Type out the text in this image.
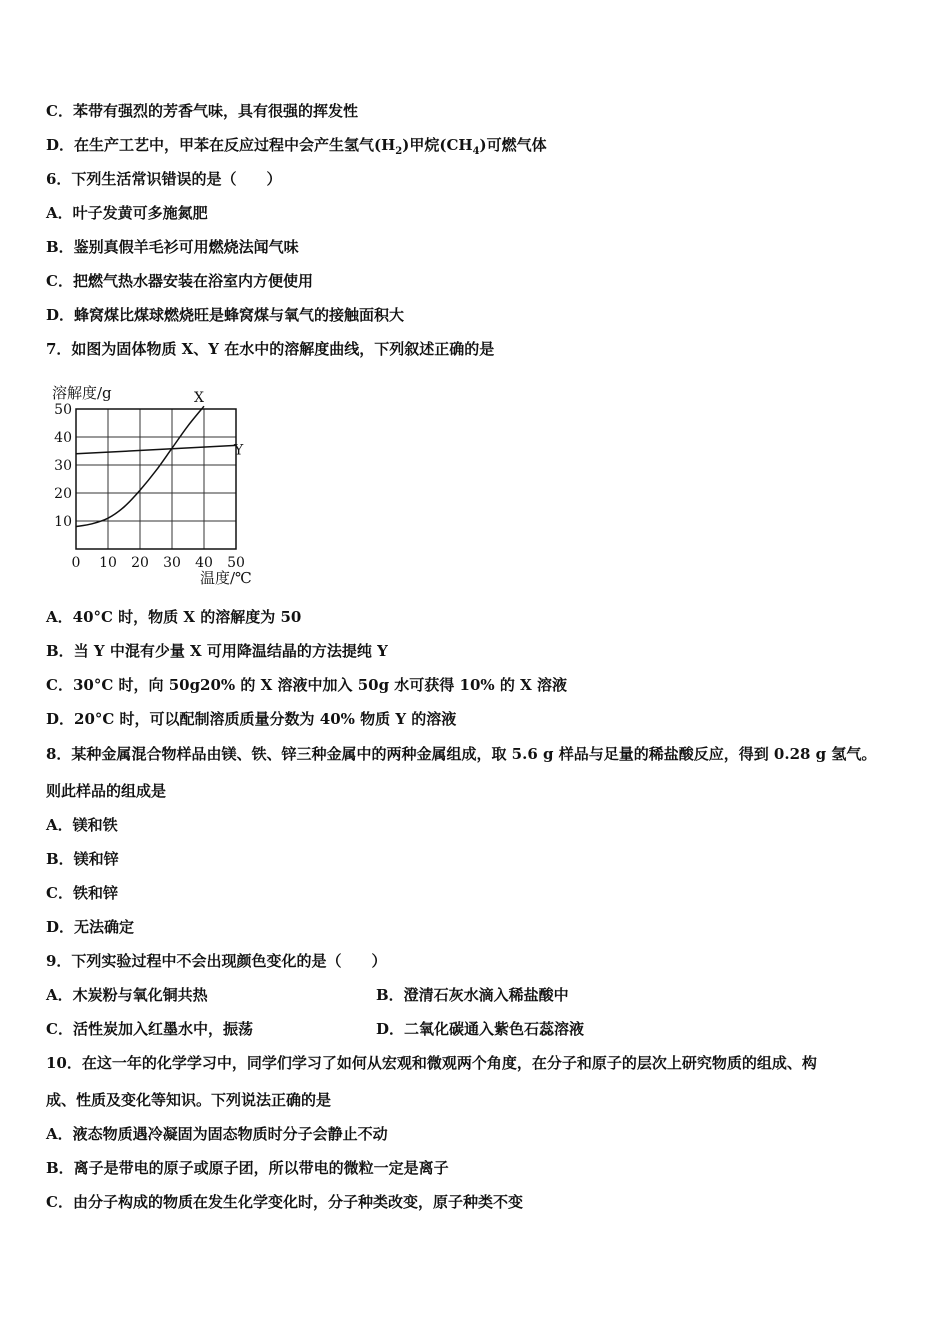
C．苯带有强烈的芳香气味，具有很强的挥发性
D．在生产工艺中，甲苯在反应过程中会产生氢气$(H_2)$甲烷$(CH_4)$可燃气体
6．下列生活常识错误的是（　　）
A．叶子发黄可多施氮肥
B．鉴别真假羊毛衫可用燃烧法闻气味
C．把燃气热水器安装在浴室内方便使用
D．蜂窝煤比煤球燃烧旺是蜂窝煤与氧气的接触面积大
7．如图为固体物质 X、Y 在水中的溶解度曲线，下列叙述正确的是
0 10 20 30 40 50
50
40
30
20
10
X
Y
溶解度/g
温度/℃
A．40°C 时，物质 X 的溶解度为 50
B．当 Y 中混有少量 X 可用降温结晶的方法提纯 Y
C．30°C 时，向 50g20% 的 X 溶液中加入 50g 水可获得 10% 的 X 溶液
D．20°C 时，可以配制溶质质量分数为 40% 物质 Y 的溶液
8．某种金属混合物样品由镁、铁、锌三种金属中的两种金属组成，取 5.6 g 样品与足量的稀盐酸反应，得到 0.28 g 氢气。
则此样品的组成是
A．镁和铁
B．镁和锌
C．铁和锌
D．无法确定
9．下列实验过程中不会出现颜色变化的是（　　）
A．木炭粉与氧化铜共热	B．澄清石灰水滴入稀盐酸中
C．活性炭加入红墨水中，振荡	D．二氧化碳通入紫色石蕊溶液
10．在这一年的化学学习中，同学们学习了如何从宏观和微观两个角度，在分子和原子的层次上研究物质的组成、构
成、性质及变化等知识。下列说法正确的是
A．液态物质遇冷凝固为固态物质时分子会静止不动
B．离子是带电的原子或原子团，所以带电的微粒一定是离子
C．由分子构成的物质在发生化学变化时，分子种类改变，原子种类不变
